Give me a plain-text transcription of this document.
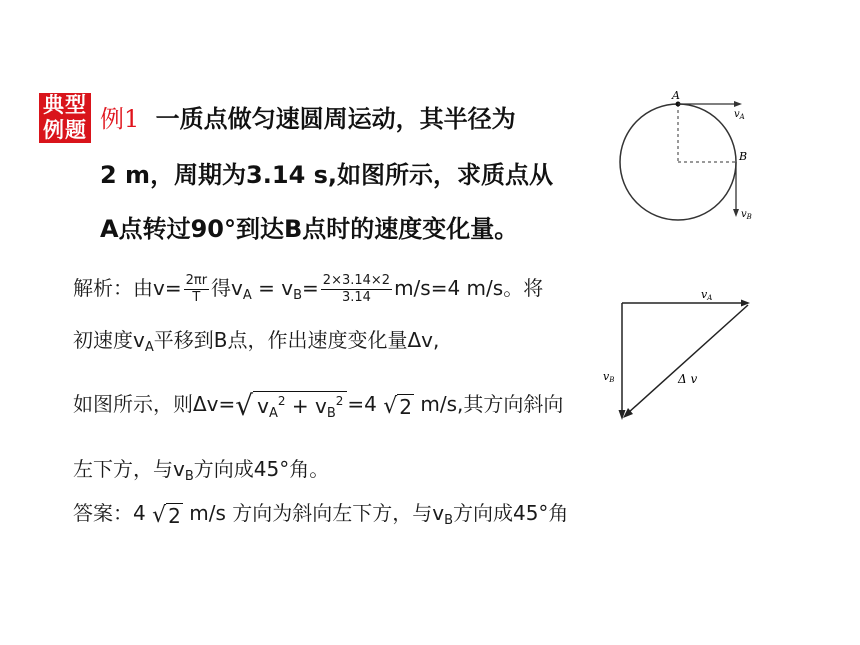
典型
例题 例1 一质点做匀速圆周运动，其半径为
2 m，周期为3.14 s,如图所示，求质点从
A点转过90°到达B点时的速度变化量。
A
B
$v_A$
$v_B$
解析：由$v= \frac{2\pi r}{T}$ 得$v_A = v_B= \frac{2\times 3.14\times 2}{3.14} m/s=4$ m/s。将
初速度$v_A$平移到B点，作出速度变化量Δv,
如图所示，则Δv=√ $v_A^2 + v_B^2 =4$ √ 2 m/s,其方向斜向
左下方，与$v_B$方向成45°角。
答案：4 √ 2 m/s 方向为斜向左下方，与$v_B$方向成45°角
vA
vB	Δ v
